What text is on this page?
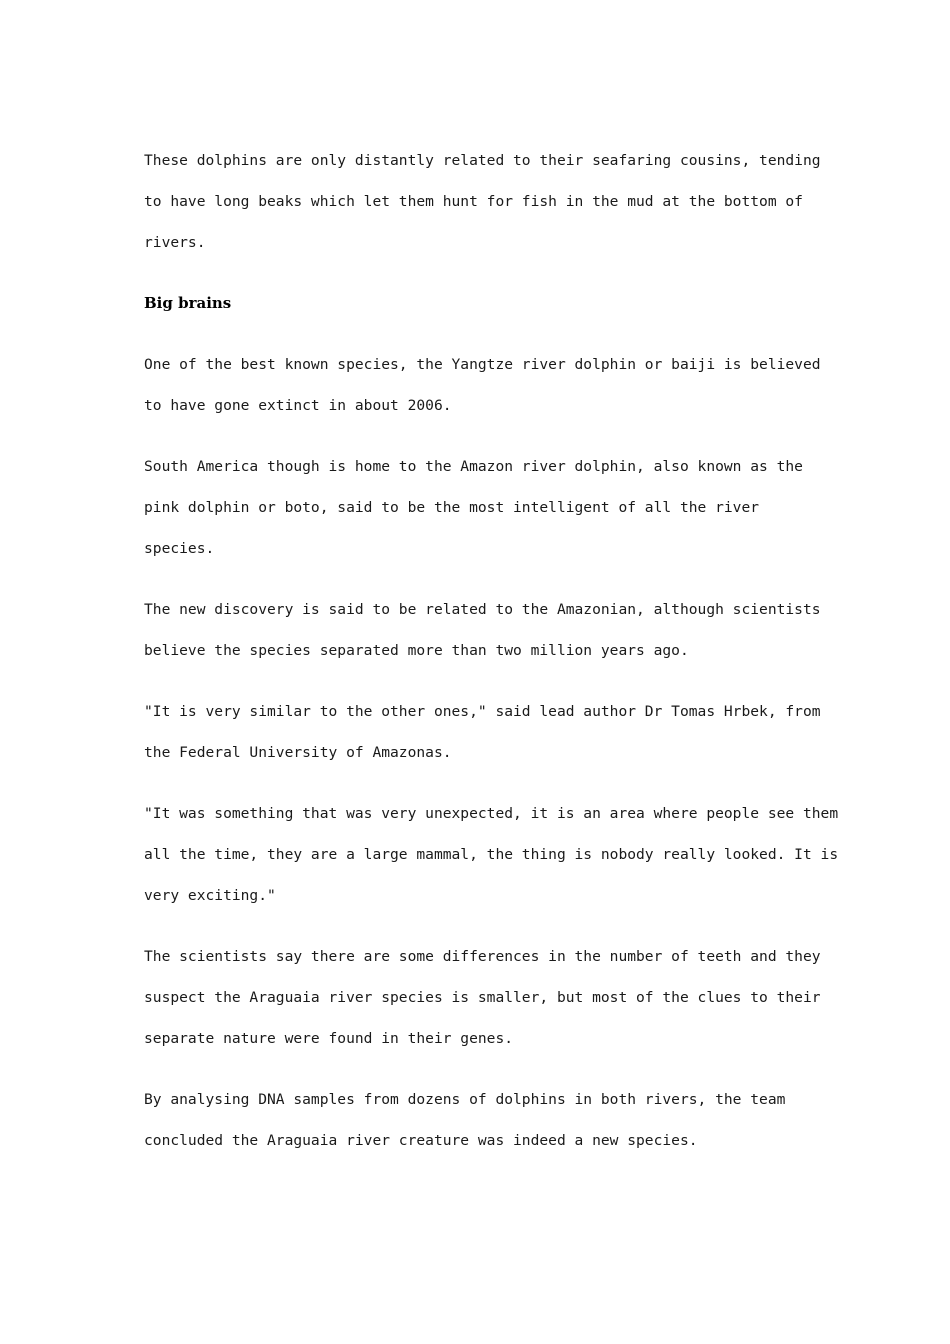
These dolphins are only distantly related to their seafaring cousins, tending
to have long beaks which let them hunt for fish in the mud at the bottom of
rivers.

Big brains

One of the best known species, the Yangtze river dolphin or baiji is believed
to have gone extinct in about 2006.

South America though is home to the Amazon river dolphin, also known as the
pink dolphin or boto, said to be the most intelligent of all the river
species.

The new discovery is said to be related to the Amazonian, although scientists
believe the species separated more than two million years ago.

"It is very similar to the other ones," said lead author Dr Tomas Hrbek, from
the Federal University of Amazonas.

"It was something that was very unexpected, it is an area where people see them
all the time, they are a large mammal, the thing is nobody really looked. It is
very exciting."

The scientists say there are some differences in the number of teeth and they
suspect the Araguaia river species is smaller, but most of the clues to their
separate nature were found in their genes.

By analysing DNA samples from dozens of dolphins in both rivers, the team
concluded the Araguaia river creature was indeed a new species.
